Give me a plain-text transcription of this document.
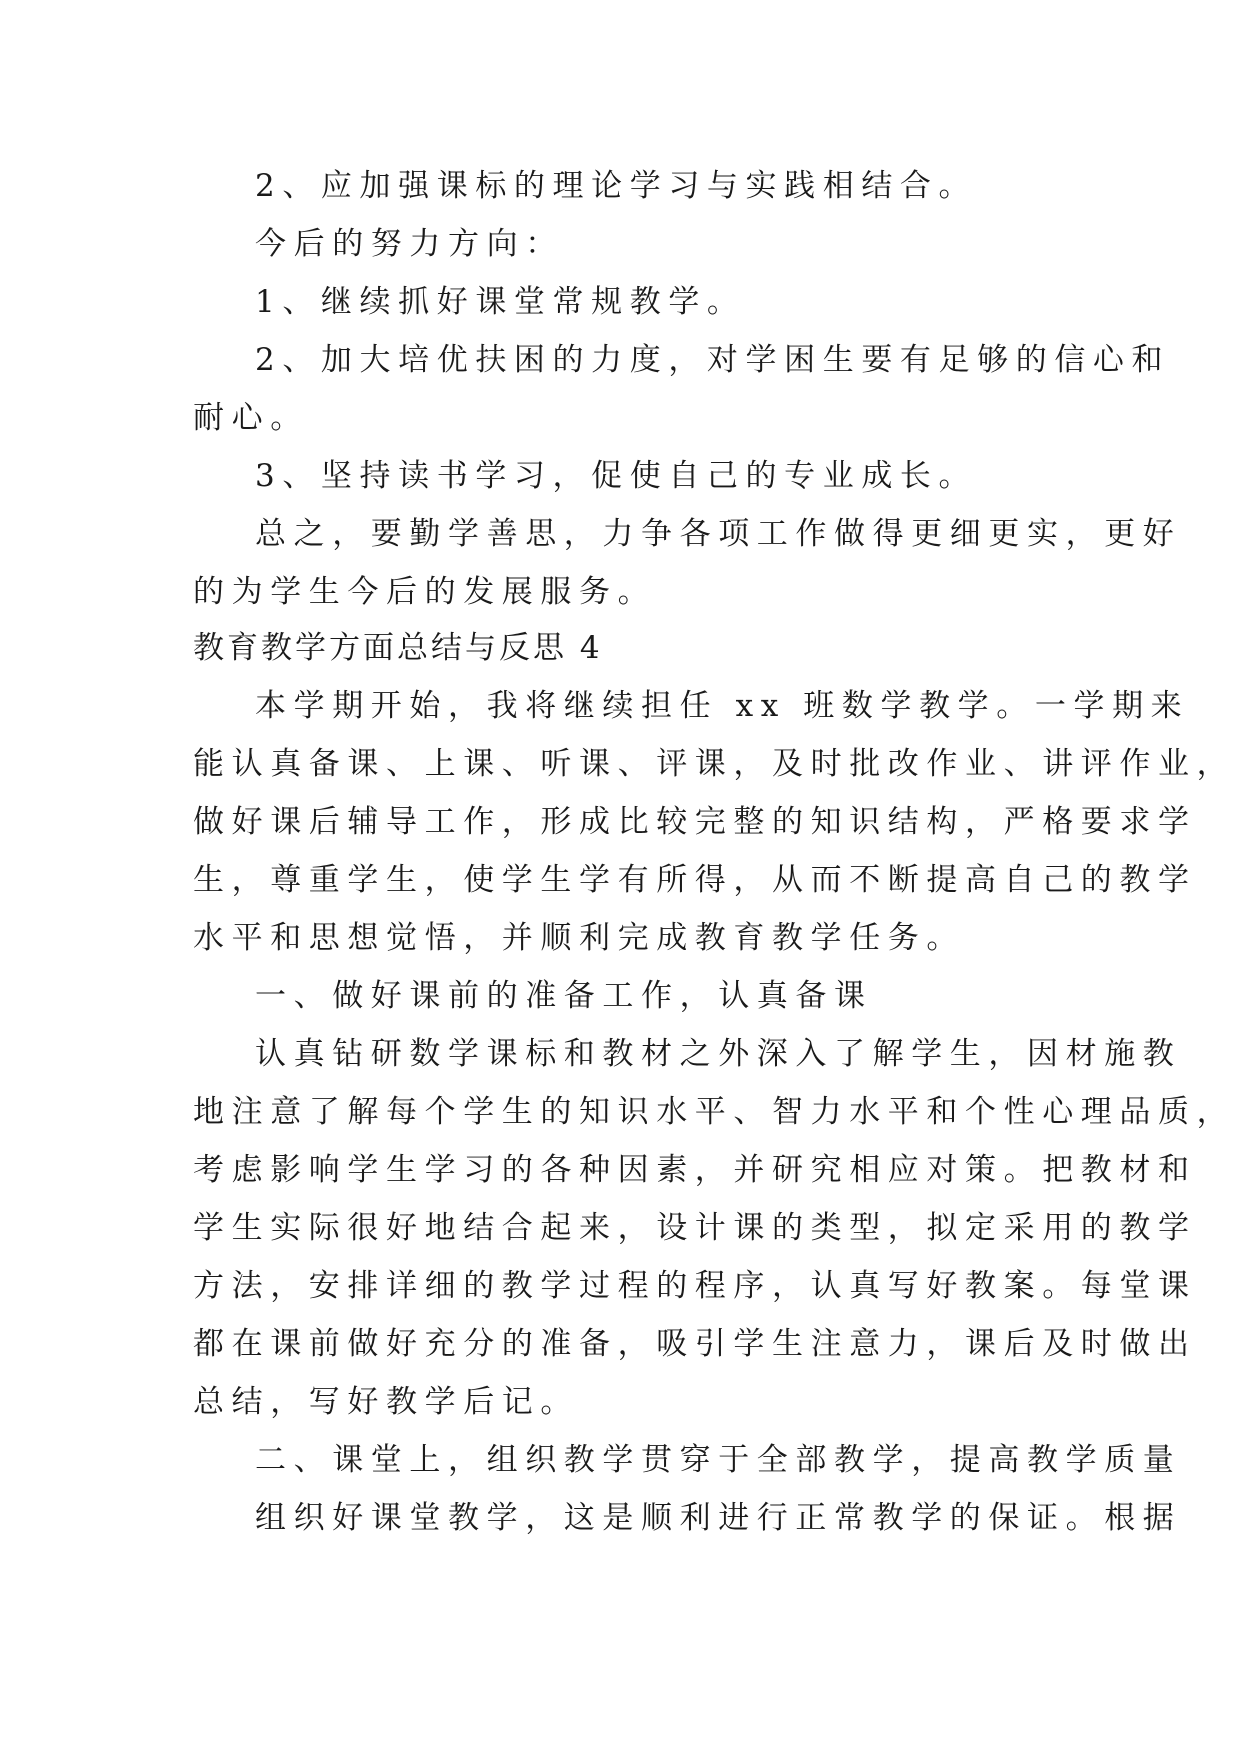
2、应加强课标的理论学习与实践相结合。
今后的努力方向：
1、继续抓好课堂常规教学。
2、加大培优扶困的力度，对学困生要有足够的信心和
耐心。
3、坚持读书学习，促使自己的专业成长。
总之，要勤学善思，力争各项工作做得更细更实，更好
的为学生今后的发展服务。
教育教学方面总结与反思 4
本学期开始，我将继续担任 xx 班数学教学。一学期来
能认真备课、上课、听课、评课，及时批改作业、讲评作业，
做好课后辅导工作，形成比较完整的知识结构，严格要求学
生，尊重学生，使学生学有所得，从而不断提高自己的教学
水平和思想觉悟，并顺利完成教育教学任务。
一、做好课前的准备工作，认真备课
认真钻研数学课标和教材之外深入了解学生，因材施教
地注意了解每个学生的知识水平、智力水平和个性心理品质，
考虑影响学生学习的各种因素，并研究相应对策。把教材和
学生实际很好地结合起来，设计课的类型，拟定采用的教学
方法，安排详细的教学过程的程序，认真写好教案。每堂课
都在课前做好充分的准备，吸引学生注意力，课后及时做出
总结，写好教学后记。
二、课堂上，组织教学贯穿于全部教学，提高教学质量
组织好课堂教学，这是顺利进行正常教学的保证。根据
